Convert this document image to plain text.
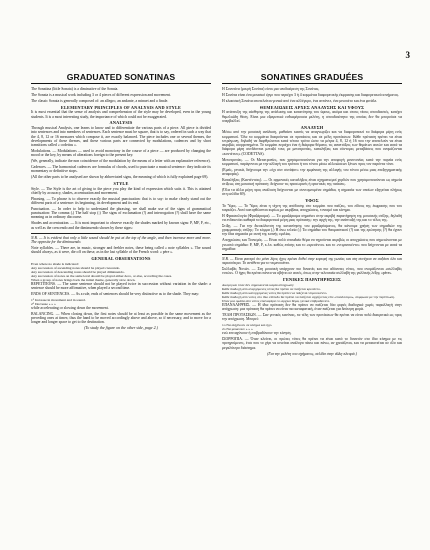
3
GRADUATED SONATINAS

The Sonatina (little Sonata) is a diminutive of the Sonata.

The Sonata is a musical work including 3 or 4 pieces of different expression and movement.

The classic Sonata is generally composed of: an allegro, an andante, a minuet and a finale.

ELEMENTARY PRINCIPLES OF ANALYSIS AND STYLE

It is most essential that the sense of analysis and comprehension of the style may be developed, even in the young students. It is a most interesting study, the importance of which could not be exaggerated.

ANALYSIS

Through musical Analysis, one learns to know and to differentiate the various parts of a piece. All piece is divided into sentences and into members of sentences. Each sentence must be square, that is to say, ordered in such a way that the 4, 8, 12 or 16 measures which compose it, are exactly balanced. The piece includes one or several themes, the developments of these themes, and these various parts are connected by modulations, cadences and by short transitions called « codettas ».

Modulations. — Modulations — used to avoid monotony in the course of a piece — are produced by changing the mood or the key, by means of alterations foreign to the present key.

(We, generally, indicate the non coincidence of the modulation by the means of a letter with an explanative reference).

Cadences. — The harmonical cadences are formulas of chords, used to punctuate a musical sentence: they indicate its momentary or definitive stops.

(All the other parts to be analysed are shown by abbreviated signs, the meaning of which is fully explained page 69).

STYLE

Style. — The Style is the art of giving to the piece you play the kind of expression which suits it. This is attained chiefly by accuracy, shades, accentuation and movement.

Phrasing. — To phrase is to observe exactly the musical punctuation: that is to say: to make clearly stand out the different parts of a sentence: its beginning, its development and its end.

Punctuation. — In order to help to understand the phrasing, we shall make use of the signs of grammatical punctuation: The comma (,) The half stop (;) The signs of exclamation (!) and interrogation (?) shall have the same meaning as in ordinary discourse.

Shades and accentuation. — It is most important to observe exactly the shades marked by known signs: P, MF, F, etc., as well as the crescendo and the diminuendo shown by these signs:

N.B. — It is evident that only a little sound should be put at the top of the angle, and then increase more and more. The opposite for the diminuendo.

Note syllables. — There are, in music, stronger and feebler notes, these being called « note syllables ». The sound should always, as it were, die off on these, as in the last syllable of the French word: « père ».

GENERAL OBSERVATIONS

Even where no shade is indicated:

Any succession of ascending notes should be played crescendo.

Any succession of descending notes should be played diminuendo.

Any succession of notes on the same level should be played either deco, or else, according the cases.

When a group of notes brings back the initial theme, generally slow down.

REPETITIONS. — The same sentence should not be played twice in succession without variation in the shade: a sentence should be more affirmative, when played a second time.

ENDS OF SENTENCES. — As a rule, ends of sentences should be very distinctive as to the shade. They may:

1° Increase in movement and in sound.

2° Decrease » » »

while accelerating or slowing down the movement.

BALANCING. — When closing down, the first notes should be at least as possible in the same movement as the preceding ones at times; thus the hand to be moved accordingly above and above, so if necessary, and to move for a longer and longer space to get to the destination.

(To study the figure on the other side, page 2.)

SONATINES GRADUÉES

Η Σονατίνα (μικρή Σονάτα) είναι μια υποδιαίρεση της Σονάτας.

Η Σονάτα είναι ένα μουσικό έργο που περιέχει 3 ή 4 κομμάτια διαφορετικής έκφρασης και διαφορετικού κινήματος.

Η κλασσική Σονάτα αποτελείται γενικά από ένα αλλέγκρο, ένα αντάντε, ένα μινουέτο και ένα φινάλε.

ΘΕΜΕΛΙΩΔΕΙΣ ΑΡΧΕΣ ΑΝΑΛΥΣΗΣ ΚΑΙ ΥΦΟΥΣ

Η ανάπτυξη της αίσθησης της ανάλυσης και κατανόησης του ύφους, ακόμα και στους νέους σπουδαστές, κατέχει θεμελιώδη θέση. Είναι μια εξαιρετικά ενδιαφέρουσα μελέτη, η σπουδαιότητα της οποίας δεν θα μπορούσε να υπερβαλλεί.

ΑΝΑΛΥΣΗ

Μέσω από την μουσική ανάλυση, μαθαίνει κανείς να αναγνωρίζει και να διαφοροποιεί τα διάφορα μέρη ενός κομματιού. Όλα τα κομμάτια διαιρούνται σε προτάσεις και σε μέλη προτάσεων. Κάθε πρόταση πρέπει να είναι τετράγωνη, δηλαδή να διαρθρώνεται κατά τέτοιο τρόπο ώστε τα μέτρα 4, 8, 12 ή 16 που την αποτελούν να είναι ακριβώς ισορροπημένα. Το κομμάτι περιέχει ένα ή διάφορα θέματα, τις αναπτύξεις των θεμάτων αυτών και αυτά τα διάφορα μέρη συνδέονται μεταξύ τους με μετατροπίες, καταλήξεις και σύντομες μεταβάσεις που ονομάζονται «κοντέττες» (CODETTAS).

Μετατροπίες. — Οι Μετατροπίες, που χρησιμοποιούνται για την αποφυγή μονοτονίας κατά την πορεία ενός κομματιού, παράγονται με την αλλαγή του τρόπου ή του τόνου μέσω αλλοιώσεων ξένων προς τον παρόντα τόνο.

(Εμείς, γενικά, δείχνουμε την «όχι συν συνάψιν» την εμφάνιση της αλλαγής του τόνου μέσω μιας επεξηγηματικής αναφοράς).

Καταλήξεις (Καντέντσες). — Οι αρμονικές καταλήξεις είναι σχηματισμοί χορδών που χρησιμοποιούνται ως σημεία στίξεως στη μουσική πρόταση: δείχνουν τις προσωρινές ή οριστικές της παύσεις.

(Όλα τα άλλα μέρη προς ανάλυση δείχνονται με συντομευμένα σημάδια, η σημασία των οποίων εξηγείται πλήρως στη σελίδα 69).

ΥΦΟΣ

Το Ύφος. — Το Ύφος είναι η τέχνη της απόδοσης στο κομμάτι που παίζεις, του είδους της έκφρασης που του ταιριάζει. Αυτό κατορθώνεται κυρίως με ακρίβεια, αποχρώσεις, τονισμό και κίνημα.

Η Φρασεολογία (Φραζάρισμα). — Το φραζάρισμα σημαίνει στην ακριβή παρατήρηση της μουσικής στίξης, δηλαδή να ενδεικνύει καθαρά τα διαφορετικά μέρη μιας πρότασης: την αρχή της, την ανάπτυξή της και το τέλος της.

Στίξη. — Για την διευκόλυνση της κατανόησης του φραζαρίσματος, θα κάνουμε χρήση των σημαδιών της γραμματικής στίξης: Το κόμμα (,) Η άνω τελεία (;) Τα σημάδια του θαυμαστικού (!) και της ερώτησης (?) θα έχουν την ίδια σημασία με αυτή της κοινής ομιλίας.

Αποχρώσεις και Τονισμός. — Είναι πολύ σπουδαίο θέμα να τηρούνται ακριβώς οι αποχρώσεις που σημειώνονται με γνωστά σημάδια: P, MF, F, κ.λπ. καθώς επίσης και το «κρεσέντο» και το «ντιμινουέντο» που δείχνονται με αυτά τα σημάδια:

Ν.Β. — Είναι φανερό ότι μόνο λίγος ήχος πρέπει δοθεί στην κορυφή της γωνίας και στη συνέχεια να αυξάνει όλο και περισσότερο. Το αντίθετο για το ντιμινουέντο.

Συλλαβές Νοτών. — Στη μουσική υπάρχουν πιο δυνατές και πιο αδύνατες νότες, που ονομάζονται «συλλαβές νοτών». Ο ήχος θα πρέπει πάντα να σβήνει σε αυτές, όπως στην τελευταία συλλαβή της γαλλικής λέξης «père».

ΓΕΝΙΚΕΣ ΠΑΡΑΤΗΡΗΣΕΙΣ

Ακόμη και όταν δεν σημειώνεται καμία απόχρωση:

Κάθε διαδοχή από ανερχόμενες νότες θα πρέπει να παίζεται κρεσέντο.

Κάθε διαδοχή από κατερχόμενες νότες θα πρέπει να παίζεται ντιμινουέντο.

Κάθε διαδοχή από νότες στο ίδιο επίπεδο θα πρέπει να παίζεται αρχίζοντας είτε «πιανίσσιμο», σύμφωνα με την περίπτωση.

Όταν μια ομάδα από νότες επαναφέρει το αρχικό θέμα, γενικά επιβραδύνετε.

ΕΠΑΝΑΛΗΨΕΙΣ. — Η ίδια πρόταση δεν θα πρέπει να παίζεται δύο φορές διαδοχικά χωρίς παραλλαγή στην απόχρωση: μια πρόταση θα πρέπει να είναι πιο καταφατική, όταν παίζεται για δεύτερη φορά.

ΤΕΛΗ ΠΡΟΤΑΣΕΩΝ. — Σαν γενικός κανόνας, τα τέλη των προτάσεων θα πρέπει να είναι πολύ διακριτικά ως προς την απόχρωση. Μπορεί:

1ο Να αυξάνουν σε κίνημα και ήχο.

2ο Να μειώνουν » » »

ενώ επιταχύνουν ή επιβραδύνουν την κίνηση.

ΙΣΟΡΡΟΠΙΑ. — Όταν κλείνει, οι πρώτες νότες θα πρέπει να είναι κατά το δυνατόν στο ίδιο κίνημα με τις προηγούμενες, έτσι που το χέρι να κινείται ανάλογα πάνω και πάνω, αν χρειάζεται, και να μετακινείται σε όλο και μεγαλύτερο διάστημα.

(Για την μελέτη του σχήματος, σελίδα στην άλλη πλευρά.)
